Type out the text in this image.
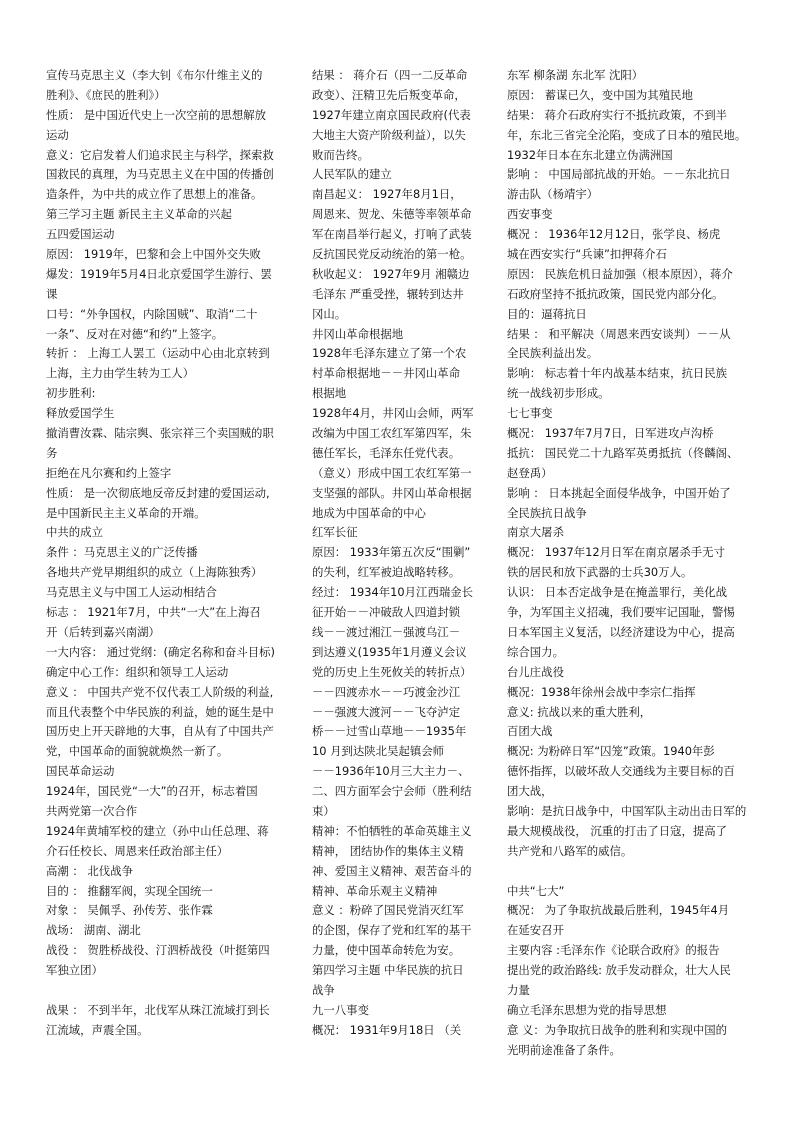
宣传马克思主义（李大钊《布尔什维主义的
胜利》、《庶民的胜利》）
性质： 是中国近代史上一次空前的思想解放
运动
意义：它启发着人们追求民主与科学，探索救
国救民的真理，为马克思主义在中国的传播创
造条件，为中共的成立作了思想上的准备。
第三学习主题 新民主主义革命的兴起
五四爱国运动
原因： 1919年，巴黎和会上中国外交失败
爆发：1919年5月4日北京爱国学生游行、罢
课
口号：“外争国权，内除国贼”、取消“二十
一条”、反对在对德“和约”上签字。
转折 ： 上海工人罢工（运动中心由北京转到
上海，主力由学生转为工人）
初步胜利:
释放爱国学生
撤消曹汝霖、陆宗舆、张宗祥三个卖国贼的职
务
拒绝在凡尔赛和约上签字
性质： 是一次彻底地反帝反封建的爱国运动,
是中国新民主主义革命的开端。
中共的成立
条件 ：马克思主义的广泛传播
各地共产党早期组织的成立（上海陈独秀）
马克思主义与中国工人运动相结合
标志 ： 1921年7月，中共“一大”在上海召
开（后转到嘉兴南湖）
一大内容： 通过党纲：(确定名称和奋斗目标)
确定中心工作：组织和领导工人运动
意义 ： 中国共产党不仅代表工人阶级的利益,
而且代表整个中华民族的利益，她的诞生是中
国历史上开天辟地的大事，自从有了中国共产
党，中国革命的面貌就焕然一新了。
国民革命运动
1924年，国民党“一大”的召开，标志着国
共两党第一次合作
1924年黄埔军校的建立（孙中山任总理、蒋
介石任校长、周恩来任政治部主任）
高潮 ： 北伐战争
目的 ： 推翻军阀，实现全国统一
对象 ： 吴佩孚、孙传芳、张作霖
战场： 湖南、湖北
战役 ： 贺胜桥战役、汀泗桥战役（叶挺第四
军独立团）
战果 ： 不到半年，北伐军从珠江流域打到长
江流域，声震全国。
结果 ： 蒋介石（四一二反革命
政变）、汪精卫先后叛变革命，
1927年建立南京国民政府(代表
大地主大资产阶级利益），以失
败而告终。
人民军队的建立
南昌起义： 1927年8月1日，
周恩来、贺龙、朱德等率领革命
军在南昌举行起义，打响了武装
反抗国民党反动统治的第一枪。
秋收起义： 1927年9月 湘赣边
毛泽东 严重受挫，辗转到达井
冈山。
井冈山革命根据地
1928年毛泽东建立了第一个农
村革命根据地－－井冈山革命
根据地
1928年4月，井冈山会师，两军
改编为中国工农红军第四军，朱
德任军长，毛泽东任党代表。
（意义）形成中国工农红军第一
支坚强的部队。井冈山革命根据
地成为中国革命的中心
红军长征
原因： 1933年第五次反“围剿”
的失利，红军被迫战略转移。
经过： 1934年10月江西瑞金长
征开始－－冲破敌人四道封锁
线－－渡过湘江－强渡乌江－
到达遵义(1935年1月遵义会议
党的历史上生死攸关的转折点）
－－四渡赤水－－巧渡金沙江
－－强渡大渡河－－飞夺泸定
桥－－过雪山草地－－1935年
10 月到达陕北吴起镇会师
－－1936年10月三大主力－、
二、四方面军会宁会师（胜利结
束）
精神：不怕牺牲的革命英雄主义
精神， 团结协作的集体主义精
神、爱国主义精神、艰苦奋斗的
精神、革命乐观主义精神
意义 ：粉碎了国民党消灭红军
的企图，保存了党和红军的基干
力量，使中国革命转危为安。
第四学习主题 中华民族的抗日
战争
九一八事变
概况： 1931年9月18日 （关
东军 柳条湖 东北军 沈阳）
原因： 蓄谋已久，变中国为其殖民地
结果： 蒋介石政府实行不抵抗政策，不到半
年，东北三省完全沦陷，变成了日本的殖民地。
1932年日本在东北建立伪满洲国
影响 ： 中国局部抗战的开始。－－东北抗日
游击队（杨靖宇）
西安事变
概况 ： 1936年12月12日，张学良、杨虎
城在西安实行“兵谏”扣押蒋介石
原因： 民族危机日益加强（根本原因），蒋介
石政府坚持不抵抗政策，国民党内部分化。
目的：逼蒋抗日
结果 ： 和平解决（周恩来西安谈判）－－从
全民族利益出发。
影响： 标志着十年内战基本结束，抗日民族
统一战线初步形成。
七七事变
概况： 1937年7月7日，日军进攻卢沟桥
抵抗： 国民党二十九路军英勇抵抗（佟麟阁、
赵登禹）
影响 ： 日本挑起全面侵华战争，中国开始了
全民族抗日战争
南京大屠杀
概况： 1937年12月日军在南京屠杀手无寸
铁的居民和放下武器的士兵30万人。
认识： 日本否定战争是在掩盖罪行，美化战
争，为军国主义招魂，我们要牢记国耻，警惕
日本军国主义复活，以经济建设为中心，提高
综合国力。
台儿庄战役
概况：1938年徐州会战中李宗仁指挥
意义: 抗战以来的重大胜利，
百团大战
概况: 为粉碎日军“囚笼”政策。1940年彭
德怀指挥，以破坏敌人交通线为主要目标的百
团大战，
影响：是抗日战争中，中国军队主动出击日军的
最大规模战役， 沉重的打击了日寇，提高了
共产党和八路军的威信。
中共“七大”
概况： 为了争取抗战最后胜利，1945年4月
在延安召开
主要内容 :毛泽东作《论联合政府》的报告
提出党的政治路线: 放手发动群众，壮大人民
力量
确立毛泽东思想为党的指导思想
意 义：为争取抗日战争的胜利和实现中国的
光明前途准备了条件。
